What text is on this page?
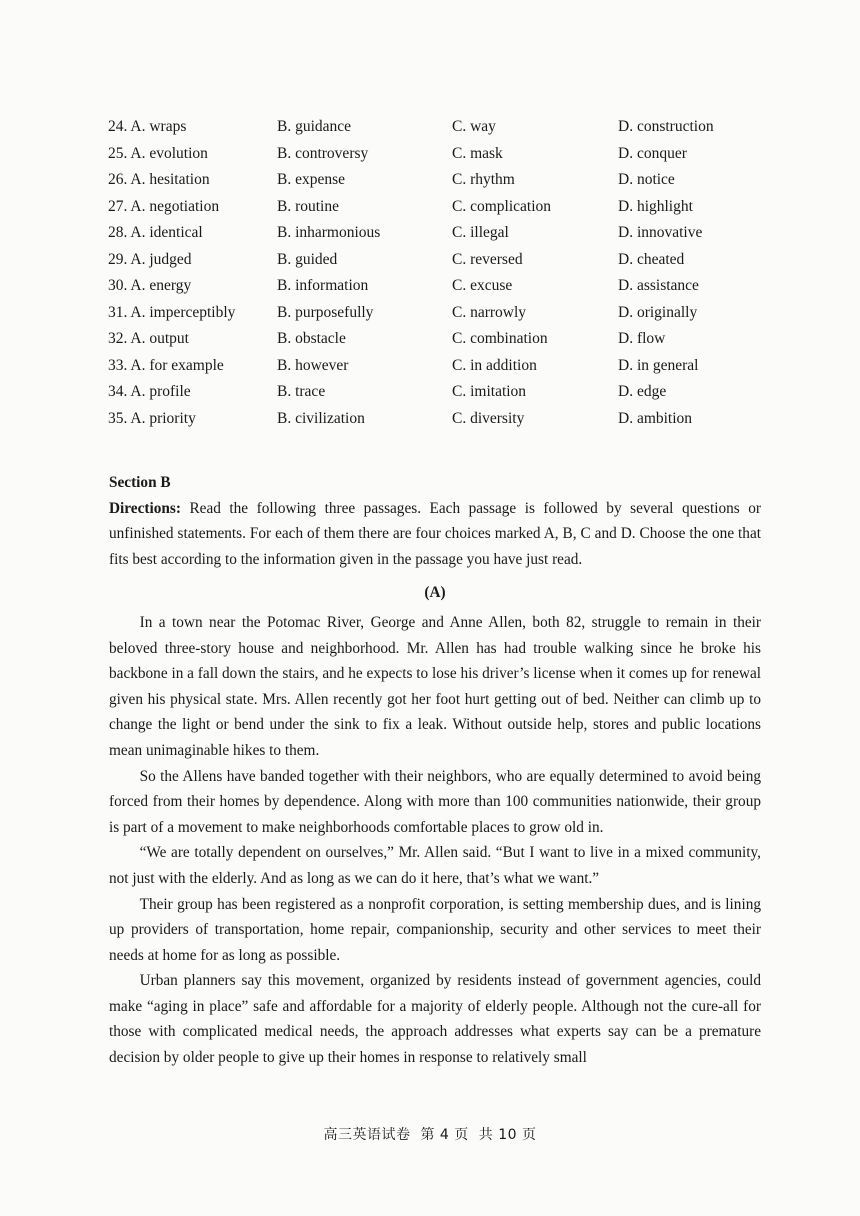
24. A. wraps	B. guidance	C. way	D. construction
25. A. evolution	B. controversy	C. mask	D. conquer
26. A. hesitation	B. expense	C. rhythm	D. notice
27. A. negotiation	B. routine	C. complication	D. highlight
28. A. identical	B. inharmonious	C. illegal	D. innovative
29. A. judged	B. guided	C. reversed	D. cheated
30. A. energy	B. information	C. excuse	D. assistance
31. A. imperceptibly	B. purposefully	C. narrowly	D. originally
32. A. output	B. obstacle	C. combination	D. flow
33. A. for example	B. however	C. in addition	D. in general
34. A. profile	B. trace	C. imitation	D. edge
35. A. priority	B. civilization	C. diversity	D. ambition

Section B

Directions: Read the following three passages. Each passage is followed by several questions or unfinished statements. For each of them there are four choices marked A, B, C and D. Choose the one that fits best according to the information given in the passage you have just read.

(A)

In a town near the Potomac River, George and Anne Allen, both 82, struggle to remain in their beloved three-story house and neighborhood. Mr. Allen has had trouble walking since he broke his backbone in a fall down the stairs, and he expects to lose his driver’s license when it comes up for renewal given his physical state. Mrs. Allen recently got her foot hurt getting out of bed. Neither can climb up to change the light or bend under the sink to fix a leak. Without outside help, stores and public locations mean unimaginable hikes to them.

So the Allens have banded together with their neighbors, who are equally determined to avoid being forced from their homes by dependence. Along with more than 100 communities nationwide, their group is part of a movement to make neighborhoods comfortable places to grow old in.

“We are totally dependent on ourselves,” Mr. Allen said. “But I want to live in a mixed community, not just with the elderly. And as long as we can do it here, that’s what we want.”

Their group has been registered as a nonprofit corporation, is setting membership dues, and is lining up providers of transportation, home repair, companionship, security and other services to meet their needs at home for as long as possible.

Urban planners say this movement, organized by residents instead of government agencies, could make “aging in place” safe and affordable for a majority of elderly people. Although not the cure-all for those with complicated medical needs, the approach addresses what experts say can be a premature decision by older people to give up their homes in response to relatively small

高三英语试卷 第 4 页 共 10 页
